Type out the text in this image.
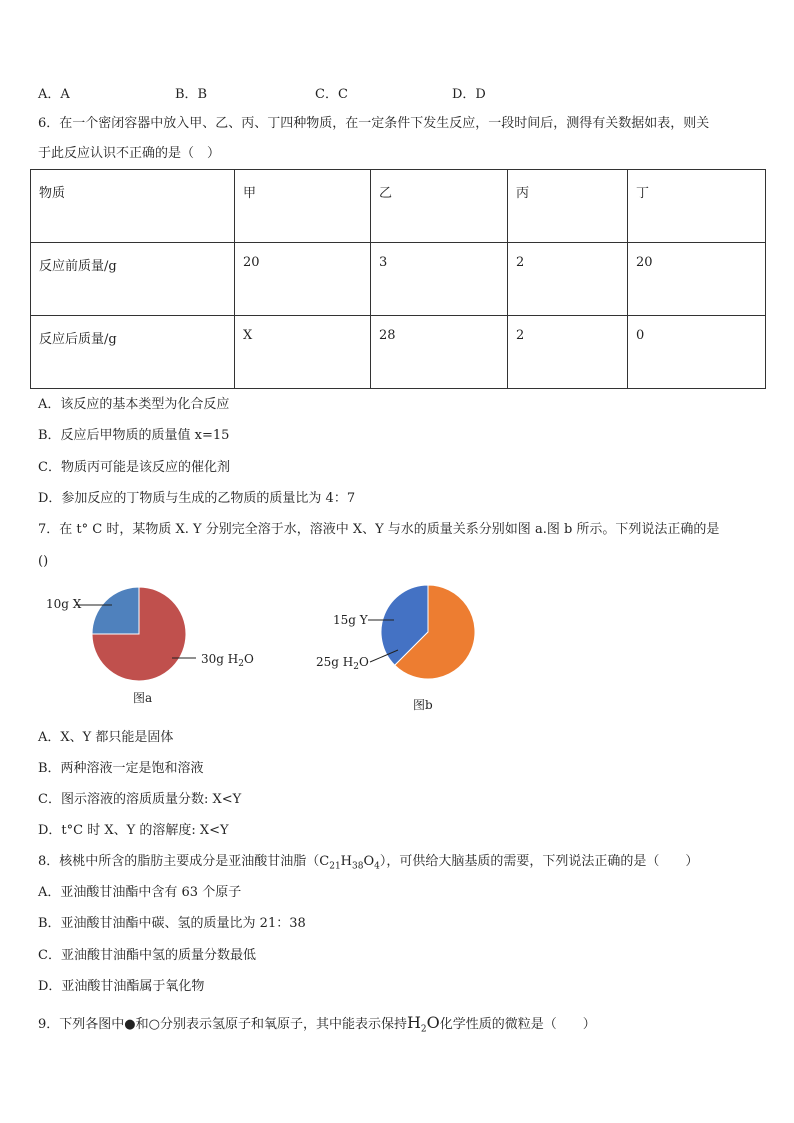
A．A	B．B	C．C	D．D
6．在一个密闭容器中放入甲、乙、丙、丁四种物质，在一定条件下发生反应，一段时间后，测得有关数据如表，则关
于此反应认识不正确的是（　）
物质	甲	乙	丙	丁
反应前质量/g	20	3	2	20
反应后质量/g	X	28	2	0
A．该反应的基本类型为化合反应
B．反应后甲物质的质量值 x=15
C．物质丙可能是该反应的催化剂
D．参加反应的丁物质与生成的乙物质的质量比为 4：7
7．在 t° C 时，某物质 X. Y 分别完全溶于水，溶液中 X、Y 与水的质量关系分别如图 a.图 b 所示。下列说法正确的是
()
10g X
30g $H_2O$
图a
15g Y
25g $H_2O$
图b
A．X、Y 都只能是固体
B．两种溶液一定是饱和溶液
C．图示溶液的溶质质量分数: X<Y
D．t°C 时 X、Y 的溶解度: X<Y
8．核桃中所含的脂肪主要成分是亚油酸甘油脂$(C_{21}H_{38}O_4)$，可供给大脑基质的需要，下列说法正确的是（　　）
A．亚油酸甘油酯中含有 63 个原子
B．亚油酸甘油酯中碳、氢的质量比为 21：38
C．亚油酸甘油酯中氢的质量分数最低
D．亚油酸甘油酯属于氧化物
9．下列各图中●和○分别表示氢原子和氧原子，其中能表示保持$H_2O$化学性质的微粒是（　　）
